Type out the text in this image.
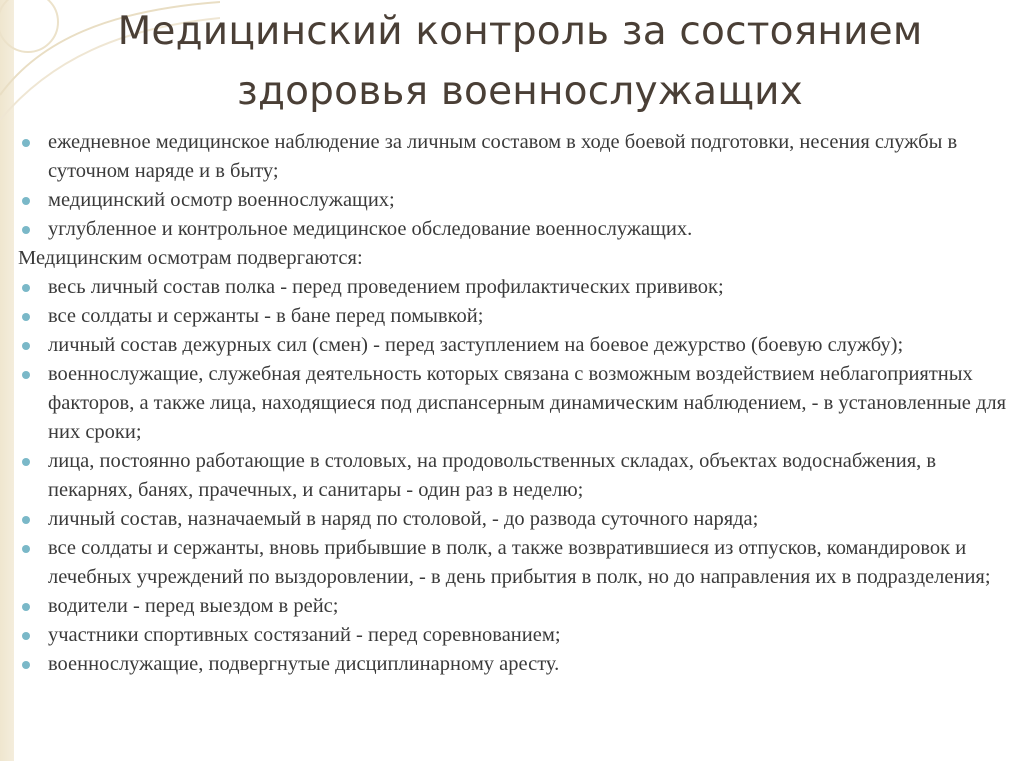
Медицинский контроль за состоянием
здоровья военнослужащих
ежедневное медицинское наблюдение за личным составом в ходе боевой подготовки, несения службы в суточном наряде и в быту;
медицинский осмотр военнослужащих;
углубленное и контрольное медицинское обследование военнослужащих.
Медицинским осмотрам подвергаются:
весь личный состав полка - перед проведением профилактических прививок;
все солдаты и сержанты - в бане перед помывкой;
личный состав дежурных сил (смен) - перед заступлением на боевое дежурство (боевую службу);
военнослужащие, служебная деятельность которых связана с возможным воздействием неблагоприятных факторов, а также лица, находящиеся под диспансерным динамическим наблюдением, - в установленные для них сроки;
лица, постоянно работающие в столовых, на продовольственных складах, объектах водоснабжения, в пекарнях, банях, прачечных, и санитары - один раз в неделю;
личный состав, назначаемый в наряд по столовой, - до развода суточного наряда;
все солдаты и сержанты, вновь прибывшие в полк, а также возвратившиеся из отпусков, командировок и лечебных учреждений по выздоровлении, - в день прибытия в полк, но до направления их в подразделения;
водители - перед выездом в рейс;
участники спортивных состязаний - перед соревнованием;
военнослужащие, подвергнутые дисциплинарному аресту.
